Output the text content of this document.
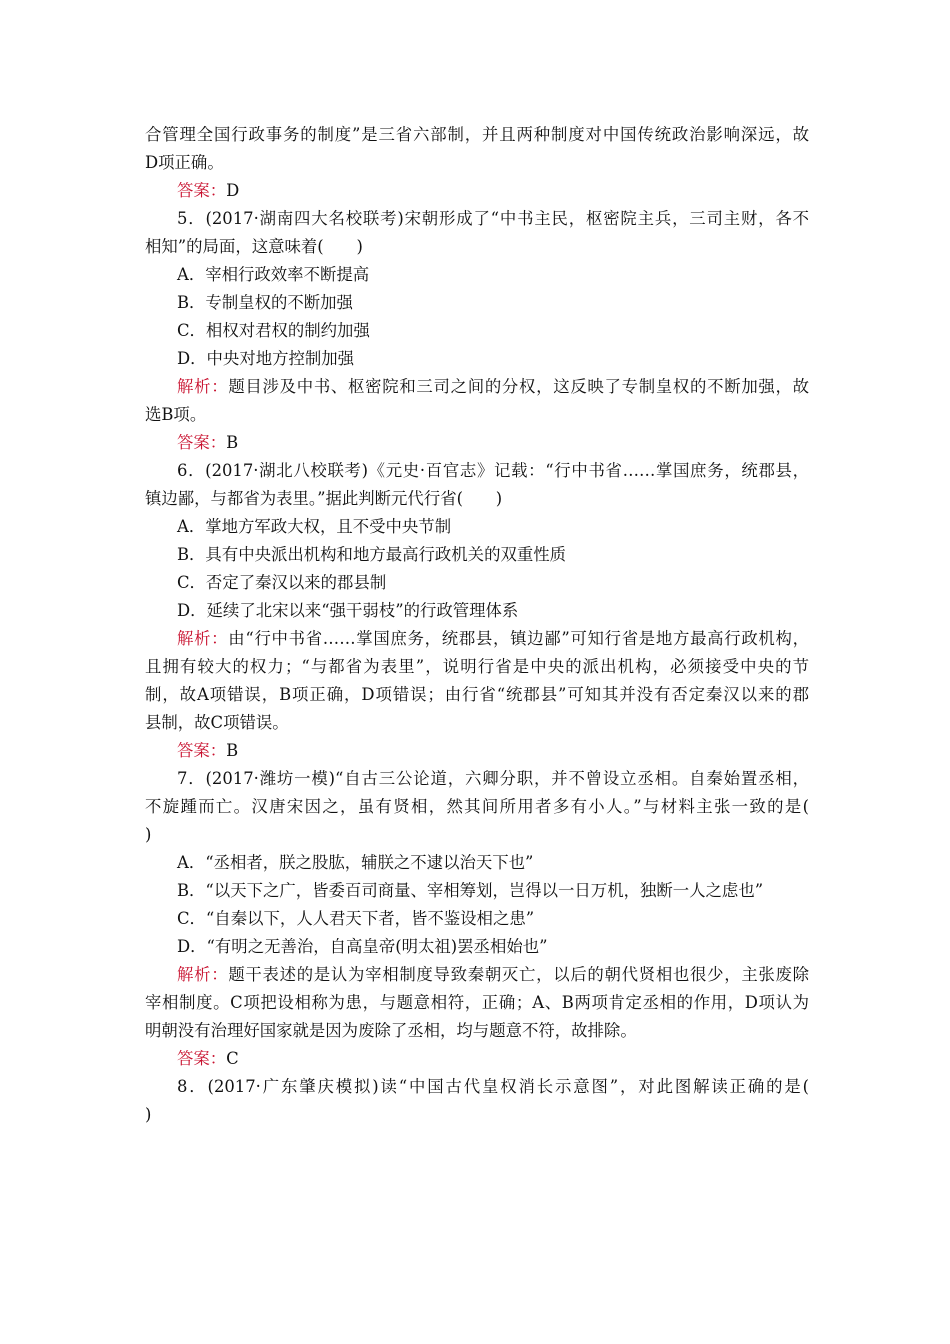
合管理全国行政事务的制度”是三省六部制，并且两种制度对中国传统政治影响深远，故
D项正确。
答案：D
5．(2017·湖南四大名校联考)宋朝形成了“中书主民，枢密院主兵，三司主财，各不
相知”的局面，这意味着(　　)
A．宰相行政效率不断提高
B．专制皇权的不断加强
C．相权对君权的制约加强
D．中央对地方控制加强
解析：题目涉及中书、枢密院和三司之间的分权，这反映了专制皇权的不断加强，故
选B项。
答案：B
6．(2017·湖北八校联考)《元史·百官志》记载：“行中书省……掌国庶务，统郡县，
镇边鄙，与都省为表里。”据此判断元代行省(　　)
A．掌地方军政大权，且不受中央节制
B．具有中央派出机构和地方最高行政机关的双重性质
C．否定了秦汉以来的郡县制
D．延续了北宋以来“强干弱枝”的行政管理体系
解析：由“行中书省……掌国庶务，统郡县，镇边鄙”可知行省是地方最高行政机构，
且拥有较大的权力；“与都省为表里”，说明行省是中央的派出机构，必须接受中央的节
制，故A项错误，B项正确，D项错误；由行省“统郡县”可知其并没有否定秦汉以来的郡
县制，故C项错误。
答案：B
7．(2017·潍坊一模)“自古三公论道，六卿分职，并不曾设立丞相。自秦始置丞相，
不旋踵而亡。汉唐宋因之，虽有贤相，然其间所用者多有小人。”与材料主张一致的是(
)
A．“丞相者，朕之股肱，辅朕之不逮以治天下也”
B．“以天下之广，皆委百司商量、宰相筹划，岂得以一日万机，独断一人之虑也”
C．“自秦以下，人人君天下者，皆不鉴设相之患”
D．“有明之无善治，自高皇帝(明太祖)罢丞相始也”
解析：题干表述的是认为宰相制度导致秦朝灭亡，以后的朝代贤相也很少，主张废除
宰相制度。C项把设相称为患，与题意相符，正确；A、B两项肯定丞相的作用，D项认为
明朝没有治理好国家就是因为废除了丞相，均与题意不符，故排除。
答案：C
8．(2017·广东肇庆模拟)读“中国古代皇权消长示意图”，对此图解读正确的是(
)
